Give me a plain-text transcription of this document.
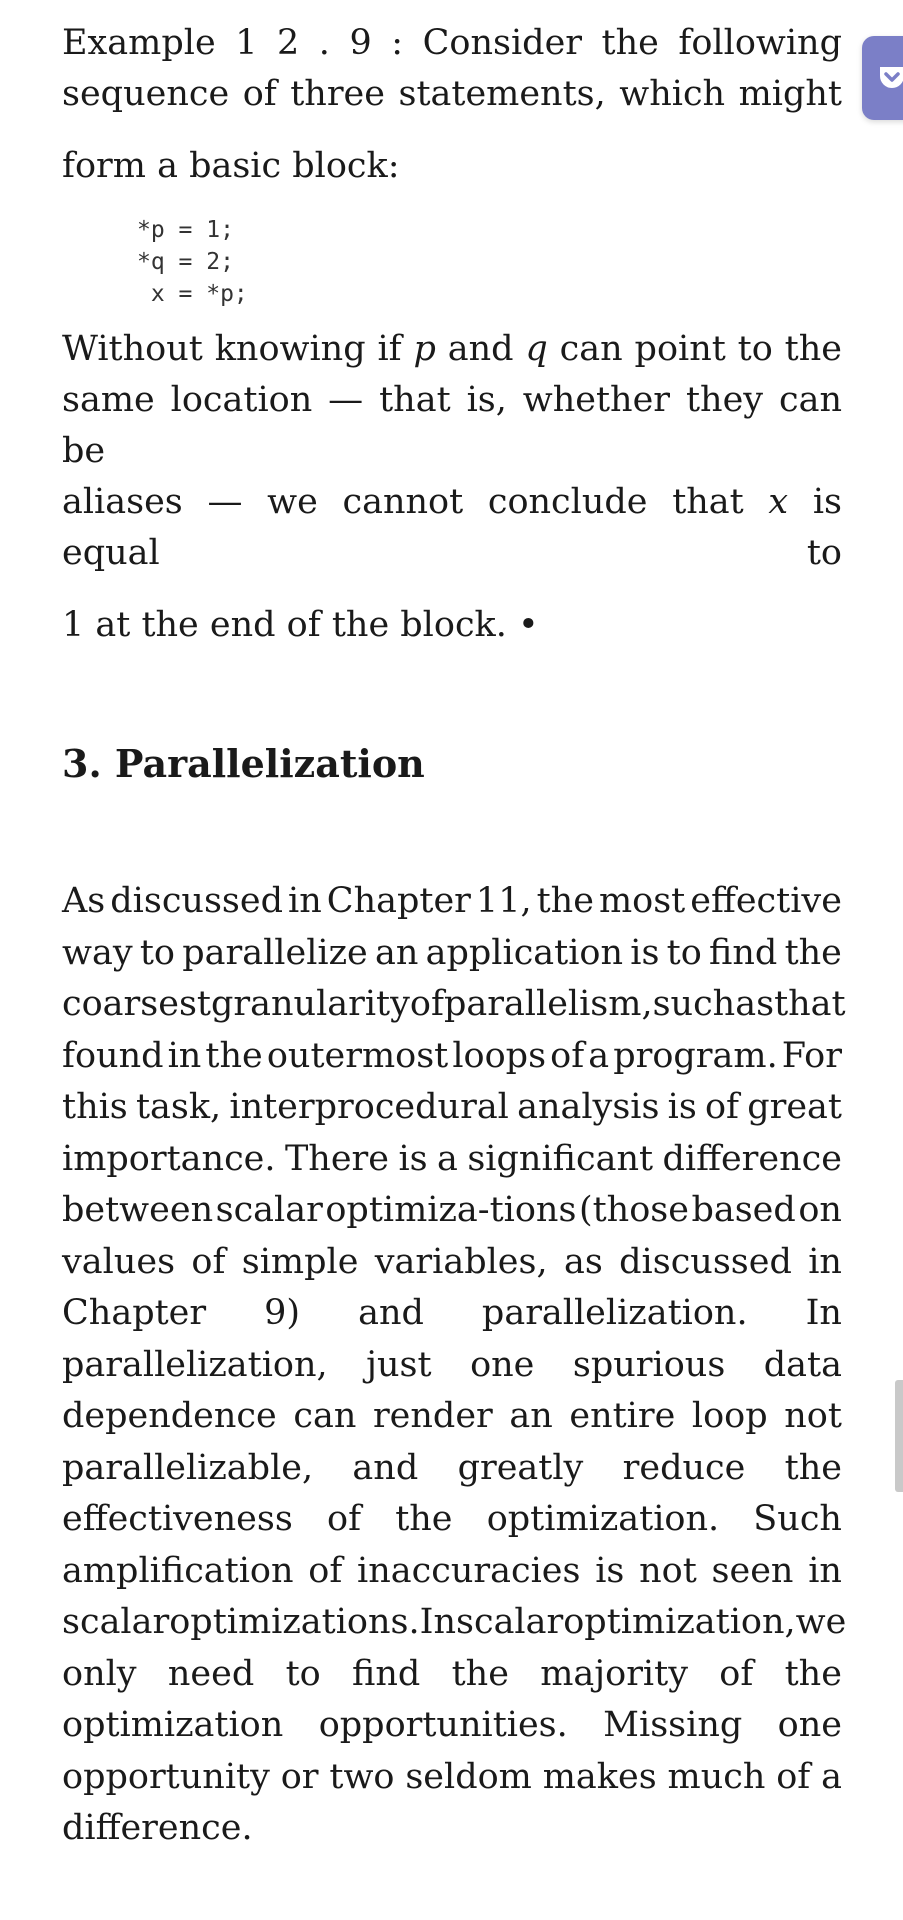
Example 1 2 . 9 : Consider the following

sequence of three statements, which might

form a basic block:

*p = 1;
*q = 2;
x = *p;

Without knowing if p and q can point to the

same location — that is, whether they can be

aliases — we cannot conclude that x is equal to

1 at the end of the block. •

3. Parallelization
As discussed in Chapter 11, the most effective
way to parallelize an application is to find the
coarsest granularity of parallelism, such as that
found in the outermost loops of a program. For
this task, interprocedural analysis is of great
importance. There is a significant difference
between scalar optimiza-tions (those based on
values of simple variables, as discussed in
Chapter 9) and parallelization. In
parallelization, just one spurious data
dependence can render an entire loop not
parallelizable, and greatly reduce the
effectiveness of the optimization. Such
amplification of inaccuracies is not seen in
scalar optimizations. In scalar optimization, we
only need to find the majority of the
optimization opportunities. Missing one
opportunity or two seldom makes much of a
difference.
